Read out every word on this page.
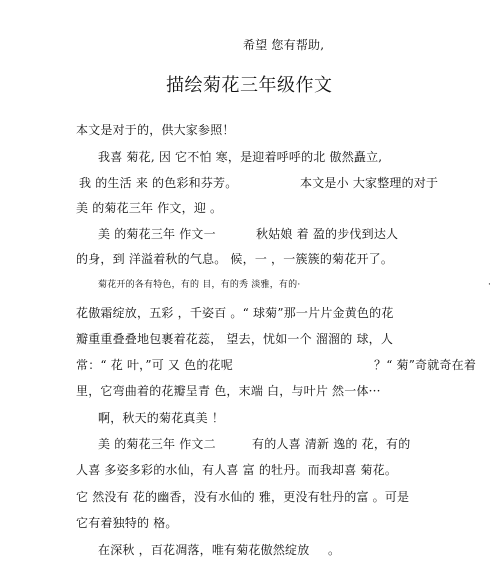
希望 您有帮助,
描绘菊花三年级作文
本文是对于的，供大家参照！
我喜 菊花, 因 它不怕 寒，是迎着呼呼的北 傲然矗立,
我 的生活 来 的色彩和芬芳。	本文是小 大家整理的对于
美 的菊花三年 作文，迎 。
美 的菊花三年 作文一	秋姑娘 着 盈的步伐到达人
的身，到 洋溢着秋的气息。 候，一 ，一簇簇的菊花开了。
菊花开的各有特色，有的 目，有的秀 淡雅，有的·	·
花傲霜绽放，五彩 ，千姿百 。“ 球菊”那一片片金黄色的花
瓣重重叠叠地包裹着花蕊， 望去，忧如一个 溜溜的 球，人
常：“ 花 叶，”可 又 色的花呢	？“ 菊”奇就奇在着
里，它弯曲着的花瓣呈青 色，末端 白，与叶片 然一体···
啊，秋天的菊花真美 ！
美 的菊花三年 作文二	有的人喜 清新 逸的 花，有的
人喜 多姿多彩的水仙，有人喜 富 的牡丹。而我却喜 菊花。
它 然没有 花的幽香，没有水仙的 雅，更没有牡丹的富 。可是
它有着独特的 格。
在深秋 ，百花凋落，唯有菊花傲然绽放 。
